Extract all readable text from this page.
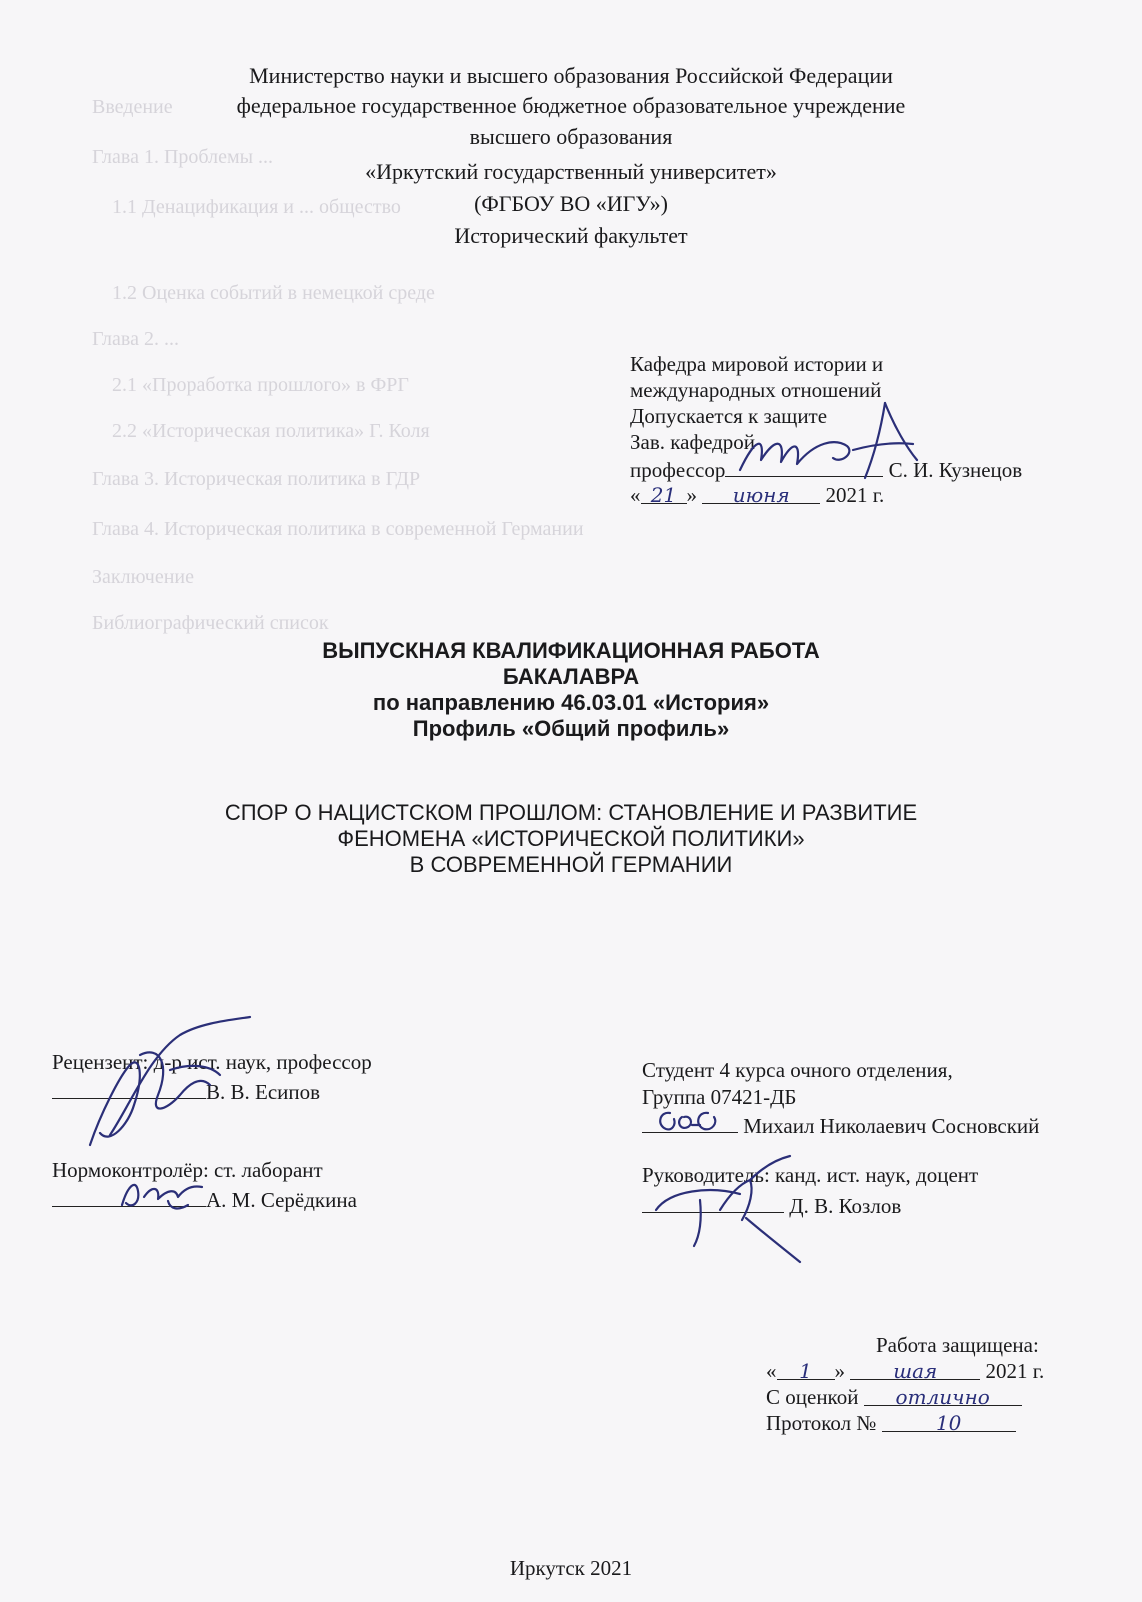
Введение
Глава 1. Проблемы ...
1.1 Денацификация и ... общество
1.2 Оценка событий в немецкой среде
Глава 2. ...
2.1 «Проработка прошлого» в ФРГ
2.2 «Историческая политика» Г. Коля
Глава 3. Историческая политика в ГДР
Глава 4. Историческая политика в современной Германии
Заключение
Библиографический список
Министерство науки и высшего образования Российской Федерации
федеральное государственное бюджетное образовательное учреждение
высшего образования
«Иркутский государственный университет»
(ФГБОУ ВО «ИГУ»)
Исторический факультет
Кафедра мировой истории и
международных отношений
Допускается к защите
Зав. кафедрой
профессор	С. И. Кузнецов
« 21 » июня 2021 г.
ВЫПУСКНАЯ КВАЛИФИКАЦИОННАЯ РАБОТА
БАКАЛАВРА
по направлению 46.03.01 «История»
Профиль «Общий профиль»
СПОР О НАЦИСТСКОМ ПРОШЛОМ: СТАНОВЛЕНИЕ И РАЗВИТИЕ
ФЕНОМЕНА «ИСТОРИЧЕСКОЙ ПОЛИТИКИ»
В СОВРЕМЕННОЙ ГЕРМАНИИ
Рецензент: д-р ист. наук, профессор
В. В. Есипов
Нормоконтролёр: ст. лаборант
А. М. Серёдкина
Студент 4 курса очного отделения,
Группа 07421-ДБ
Михаил Николаевич Сосновский
Руководитель: канд. ист. наук, доцент
Д. В. Козлов
Работа защищена:
« 1 » шая 2021 г.
С оценкой отлично
Протокол №	10
Иркутск 2021
